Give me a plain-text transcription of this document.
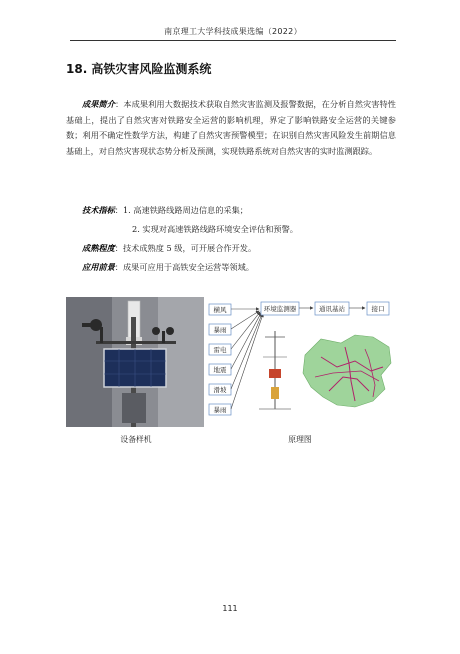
南京理工大学科技成果选编（2022）
18. 高铁灾害风险监测系统
成果简介：本成果利用大数据技术获取自然灾害监测及报警数据，在分析自然灾害特性基础上，提出了自然灾害对铁路安全运营的影响机理，界定了影响铁路安全运营的关键参数；利用不确定性数学方法，构建了自然灾害预警模型；在识别自然灾害风险发生前期信息基础上，对自然灾害现状态势分析及预测，实现铁路系统对自然灾害的实时监测跟踪。
技术指标：1. 高速铁路线路周边信息的采集；
2. 实现对高速铁路线路环境安全评估和预警。
成熟程度：技术成熟度 5 级，可开展合作开发。
应用前景：成果可应用于高铁安全运营等领域。
横风
暴雨
雷电
地震
滑坡
暴雨
环境监测器	通讯基站	接口
设备样机	原理图
111
